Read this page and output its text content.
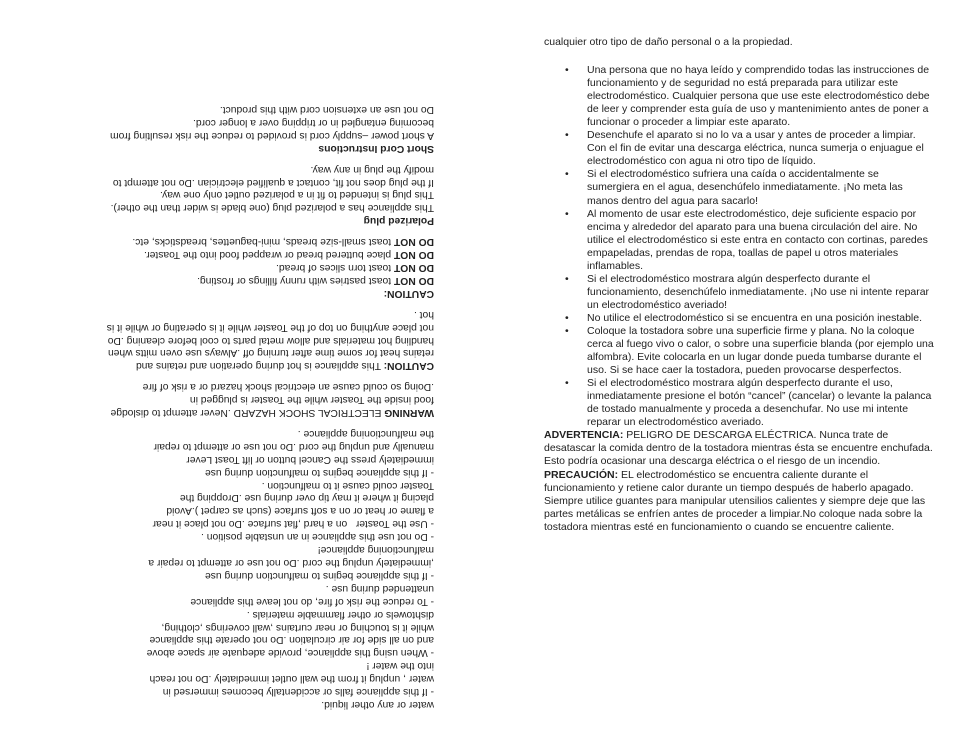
water or any other liquid.

- If this appliance falls or accidentally becomes immersed in

water , unplug it from the wall outlet immediately .Do not reach

into the water !

- When using this appliance, provide adequate air space above

and on all side for air circulation .Do not operate this appliance

while it is touching or near curtains ,wall coverings ,clothing,

dishtowels or other flammable materials .

- To reduce the risk of fire, do not leave this appliance

unattended during use .

- If this appliance begins to malfunction during use

,immediately unplug the cord .Do not use or attempt to repair a

malfunctioning appliance!

- Do not use this appliance in an unstable position .

- Use the Toaster   on a hard ,flat surface .Do not place it near

a flame or heat or on a soft surface (such as carpet ).Avoid

placing it where it may tip over during use .Dropping the

Toaster could cause it to malfunction .

- If this appliance begins to malfunction during use

immediately press the Cancel button or lift Toast Lever

manually and unplug the cord .Do not use or attempt to repair

the malfunctioning appliance .

WARNING ELECTRICAL SHOCK HAZARD .Never attempt to dislodge

food inside the Toaster while the Toaster is plugged in

.Doing so could cause an electrical shock hazard or a risk of fire

CAUTION: This appliance is hot during operation and retains and

retains heat for some time after turning off .Always use oven mitts when

handling hot materials and allow metal parts to cool before cleaning .Do

not place anything on top of the Toaster while it is operating or while it is

hot .

CAUTION:

DO NOT toast pastries with runny fillings or frosting.

DO NOT toast torn slices of bread.

DO NOT place buttered bread or wrapped food into the Toaster.

DO NOT toast small-size breads, mini-baguettes, breadsticks, etc.

Polarized plug

This appliance has a polarized plug (one blade is wider than the other).

This plug is intended to fit in a polarized outlet only one way.

If the plug does not fit, contact a qualified electrician .Do not attempt to

modify the plug in any way.

Short Cord Instructions

A short power –supply cord is provided to reduce the risk resulting from

becoming entangled in or tripping over a longer cord.

Do not use an extension cord with this product.

cualquier otro tipo de daño personal o a la propiedad.

• Una persona que no haya leído y comprendido todas las instrucciones de funcionamiento y de seguridad no está preparada para utilizar este electrodoméstico. Cualquier persona que use este electrodoméstico debe de leer y comprender esta guía de uso y mantenimiento antes de poner a funcionar o proceder a limpiar este aparato.
• Desenchufe el aparato si no lo va a usar y antes de proceder a limpiar. Con el fin de evitar una descarga eléctrica, nunca sumerja o enjuague el electrodoméstico con agua ni otro tipo de líquido.
• Si el electrodoméstico sufriera una caída o accidentalmente se sumergiera en el agua, desenchúfelo inmediatamente. ¡No meta las manos dentro del agua para sacarlo!
• Al momento de usar este electrodoméstico, deje suficiente espacio por encima y alrededor del aparato para una buena circulación del aire. No utilice el electrodoméstico si este entra en contacto con cortinas, paredes empapeladas, prendas de ropa, toallas de papel u otros materiales inflamables.
• Si el electrodoméstico mostrara algún desperfecto durante el funcionamiento, desenchúfelo inmediatamente. ¡No use ni intente reparar un electrodoméstico averiado!
• No utilice el electrodoméstico si se encuentra en una posición inestable.
• Coloque la tostadora sobre una superficie firme y plana. No la coloque cerca al fuego vivo o calor, o sobre una superficie blanda (por ejemplo una alfombra). Evite colocarla en un lugar donde pueda tumbarse durante el uso. Si se hace caer la tostadora, pueden provocarse desperfectos.
• Si el electrodoméstico mostrara algún desperfecto durante el uso, inmediatamente presione el botón “cancel” (cancelar) o levante la palanca de tostado manualmente y proceda a desenchufar. No use mi intente reparar un electrodoméstico averiado.

ADVERTENCIA: PELIGRO DE DESCARGA ELÉCTRICA. Nunca trate de desatascar la comida dentro de la tostadora mientras ésta se encuentre enchufada. Esto podría ocasionar una descarga eléctrica o el riesgo de un incendio.

PRECAUCIÓN: EL electrodoméstico se encuentra caliente durante el funcionamiento y retiene calor durante un tiempo después de haberlo apagado. Siempre utilice guantes para manipular utensilios calientes y siempre deje que las partes metálicas se enfríen antes de proceder a limpiar.No coloque nada sobre la tostadora mientras esté en funcionamiento o cuando se encuentre caliente.
